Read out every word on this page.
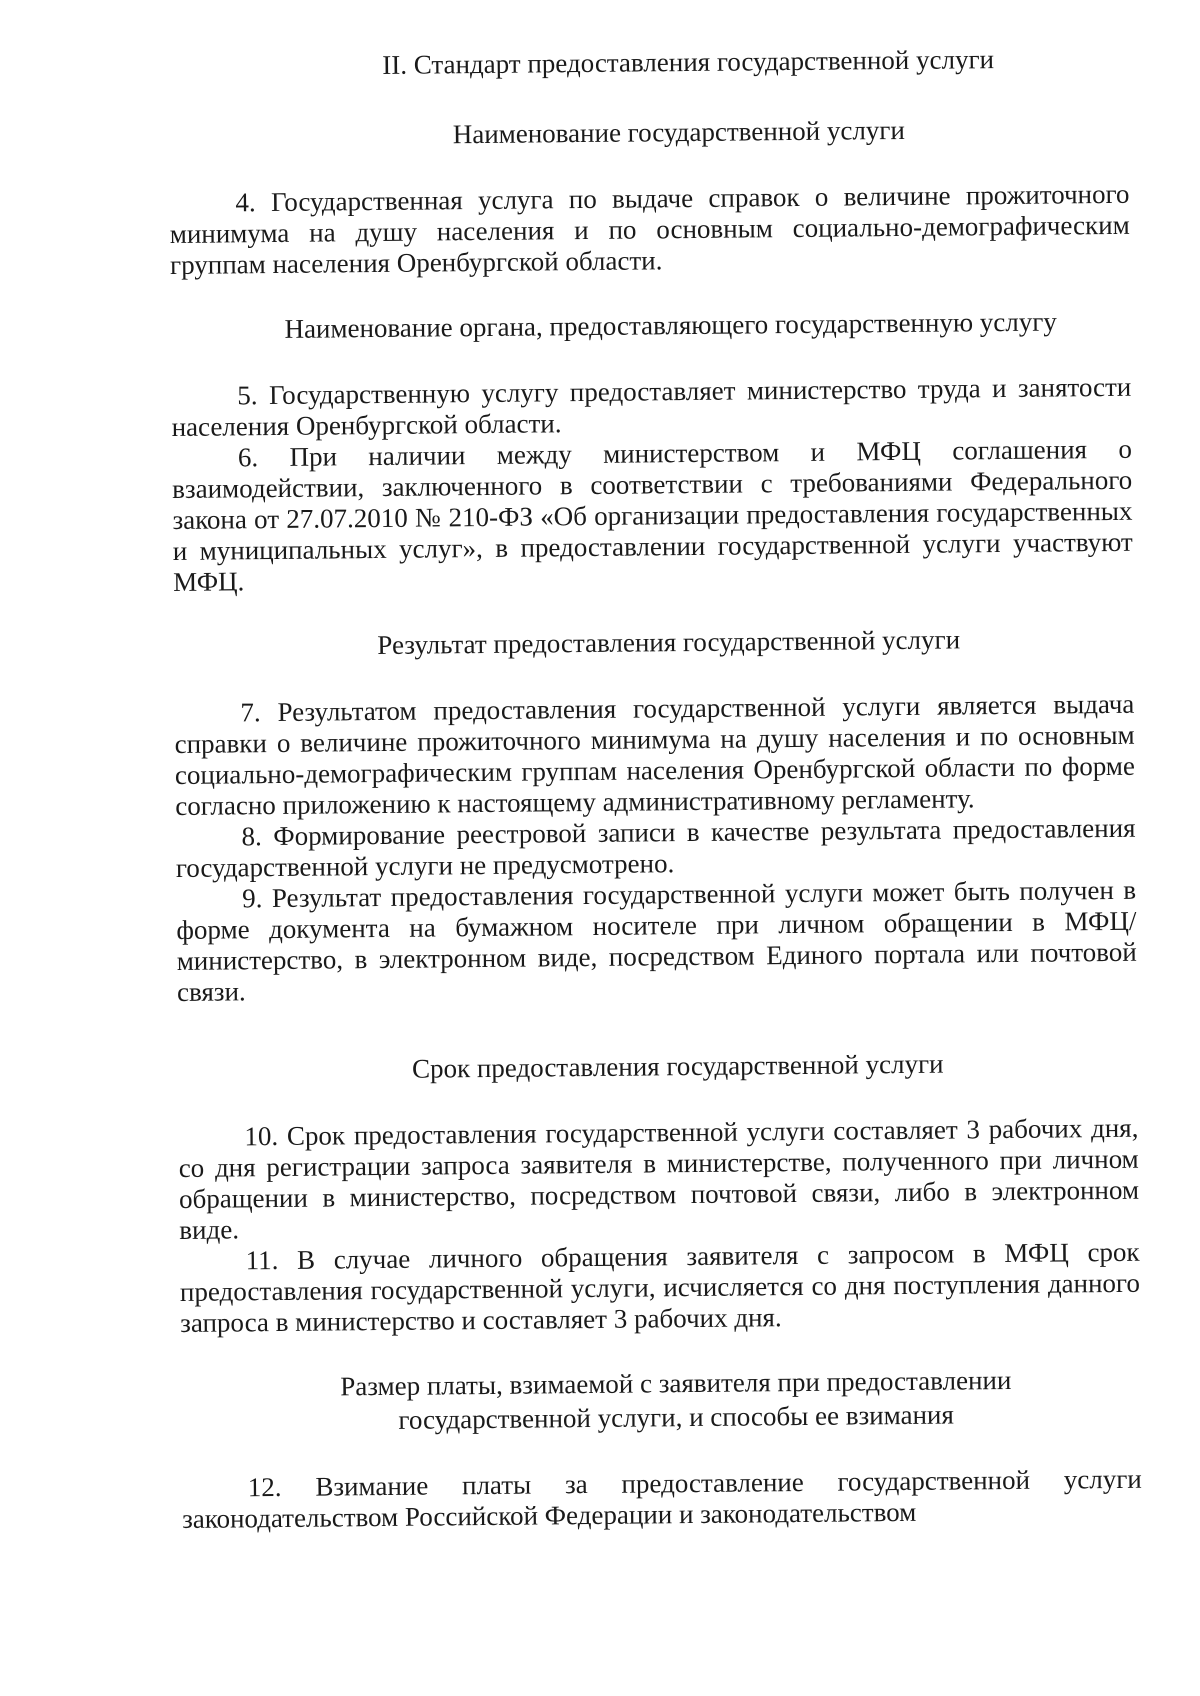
II. Стандарт предоставления государственной услуги
Наименование государственной услуги

4. Государственная услуга по выдаче справок о величине прожиточного минимума на душу населения и по основным социально-демографическим группам населения Оренбургской области.

Наименование органа, предоставляющего государственную услугу

5. Государственную услугу предоставляет министерство труда и занятости населения Оренбургской области.

6. При наличии между министерством и МФЦ соглашения о взаимодействии, заключенного в соответствии с требованиями Федерального закона от 27.07.2010 № 210-ФЗ «Об организации предоставления государственных и муниципальных услуг», в предоставлении государственной услуги участвуют МФЦ.

Результат предоставления государственной услуги

7. Результатом предоставления государственной услуги является выдача справки о величине прожиточного минимума на душу населения и по основным социально-демографическим группам населения Оренбургской области по форме согласно приложению к настоящему административному регламенту.

8. Формирование реестровой записи в качестве результата предоставления государственной услуги не предусмотрено.

9. Результат предоставления государственной услуги может быть получен в форме документа на бумажном носителе при личном обращении в МФЦ/министерство, в электронном виде, посредством Единого портала или почтовой связи.

Срок предоставления государственной услуги

10. Срок предоставления государственной услуги составляет 3 рабочих дня, со дня регистрации запроса заявителя в министерстве, полученного при личном обращении в министерство, посредством почтовой связи, либо в электронном виде.

11. В случае личного обращения заявителя с запросом в МФЦ срок предоставления государственной услуги, исчисляется со дня поступления данного запроса в министерство и составляет 3 рабочих дня.

Размер платы, взимаемой с заявителя при предоставлении государственной услуги, и способы ее взимания

12. Взимание платы за предоставление государственной услуги законодательством Российской Федерации и законодательством
